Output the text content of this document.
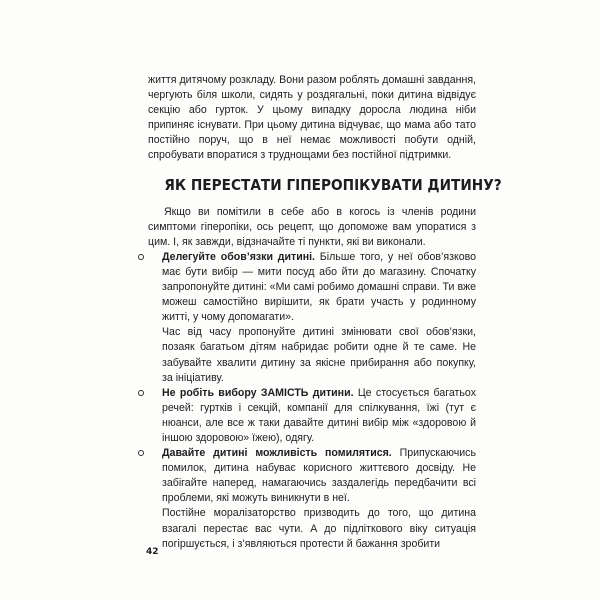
життя дитячому розкладу. Вони разом роблять домашні завдання, чергують біля школи, сидять у роздягальні, поки дитина відвідує секцію або гурток. У цьому випадку доросла людина ніби припиняє існувати. При цьому дитина відчуває, що мама або тато постійно поруч, що в неї немає можливості побути одній, спробувати впоратися з труднощами без постійної підтримки.

ЯК ПЕРЕСТАТИ ГІПЕРОПІКУВАТИ ДИТИНУ?

Якщо ви помітили в себе або в когось із членів родини симптоми гіперопіки, ось рецепт, що допоможе вам упоратися з цим. І, як завжди, відзначайте ті пункти, які ви виконали.

Делегуйте обов’язки дитині. Більше того, у неї обов’язково має бути вибір — мити посуд або йти до магазину. Спочатку запропонуйте дитині: «Ми самі робимо домашні справи. Ти вже можеш самостійно вирішити, як брати участь у родинному житті, у чому допомагати».

Час від часу пропонуйте дитині змінювати свої обов’язки, позаяк багатьом дітям набридає робити одне й те саме. Не забувайте хвалити дитину за якісне прибирання або покупку, за ініціативу.

Не робіть вибору ЗАМІСТЬ дитини. Це стосується багатьох речей: гуртків і секцій, компанії для спілкування, їжі (тут є нюанси, але все ж таки давайте дитині вибір між «здоровою й іншою здоровою» їжею), одягу.
Давайте дитині можливість помилятися. Припускаючись помилок, дитина набуває корисного життєвого досвіду. Не забігайте наперед, намагаючись заздалегідь передбачити всі проблеми, які можуть виникнути в неї.

Постійне моралізаторство призводить до того, що дитина взагалі перестає вас чути. А до підліткового віку ситуація погіршується, і з’являються протести й бажання зробити

42
